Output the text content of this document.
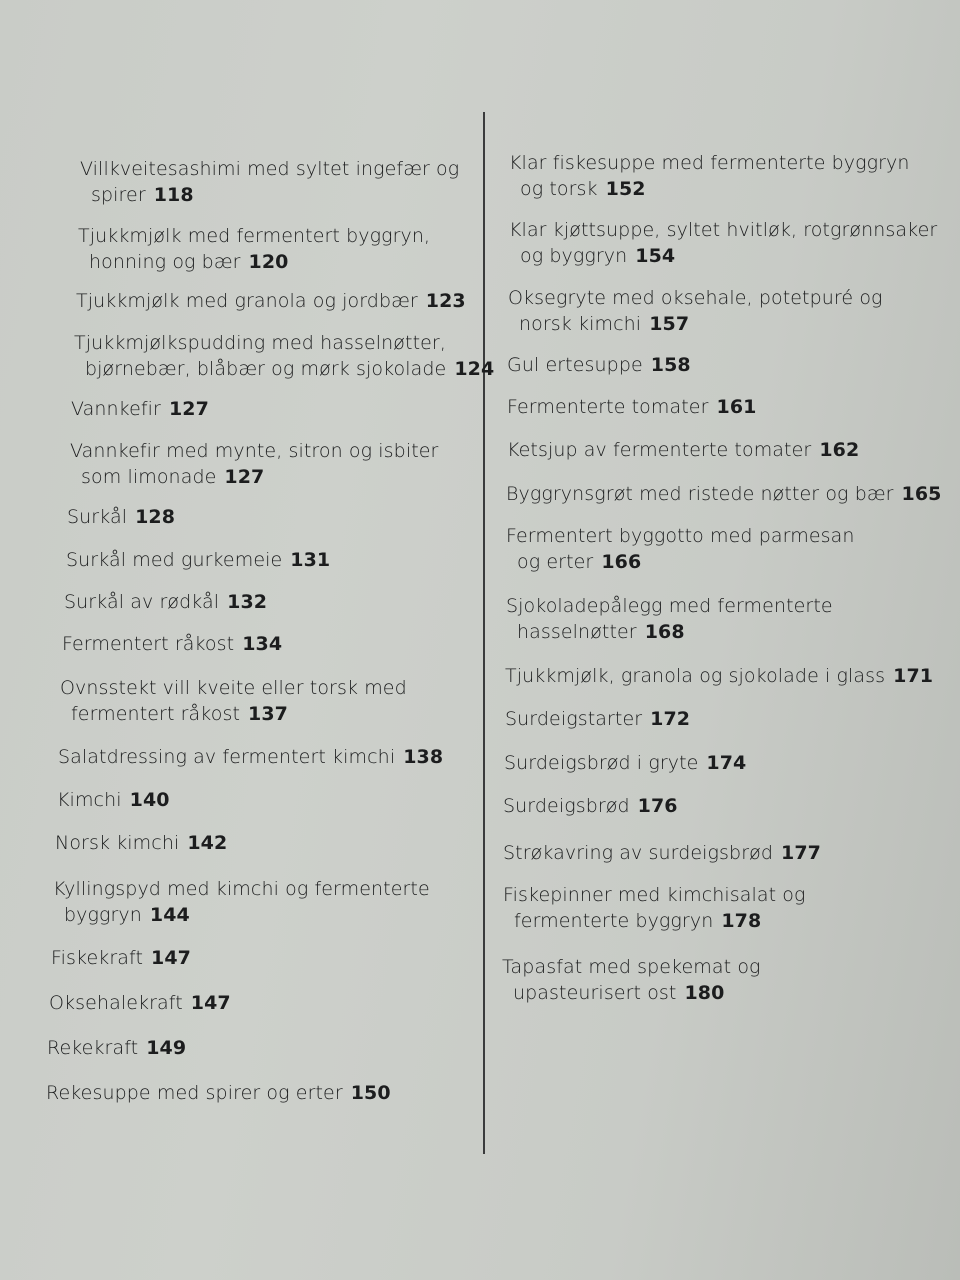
Villkveitesashimi med syltet ingefær og
spirer 118
Tjukkmjølk med fermentert byggryn,
honning og bær 120
Tjukkmjølk med granola og jordbær 123
Tjukkmjølkspudding med hasselnøtter,
bjørnebær, blåbær og mørk sjokolade 124
Vannkefir 127
Vannkefir med mynte, sitron og isbiter
som limonade 127
Surkål 128
Surkål med gurkemeie 131
Surkål av rødkål 132
Fermentert råkost 134
Ovnsstekt vill kveite eller torsk med
fermentert råkost 137
Salatdressing av fermentert kimchi 138
Kimchi 140
Norsk kimchi 142
Kyllingspyd med kimchi og fermenterte
byggryn 144
Fiskekraft 147
Oksehalekraft 147
Rekekraft 149
Rekesuppe med spirer og erter 150
Klar fiskesuppe med fermenterte byggryn
og torsk 152
Klar kjøttsuppe, syltet hvitløk, rotgrønnsaker
og byggryn 154
Oksegryte med oksehale, potetpuré og
norsk kimchi 157
Gul ertesuppe 158
Fermenterte tomater 161
Ketsjup av fermenterte tomater 162
Byggrynsgrøt med ristede nøtter og bær 165
Fermentert byggotto med parmesan
og erter 166
Sjokoladepålegg med fermenterte
hasselnøtter 168
Tjukkmjølk, granola og sjokolade i glass 171
Surdeigstarter 172
Surdeigsbrød i gryte 174
Surdeigsbrød 176
Strøkavring av surdeigsbrød 177
Fiskepinner med kimchisalat og
fermenterte byggryn 178
Tapasfat med spekemat og
upasteurisert ost 180
